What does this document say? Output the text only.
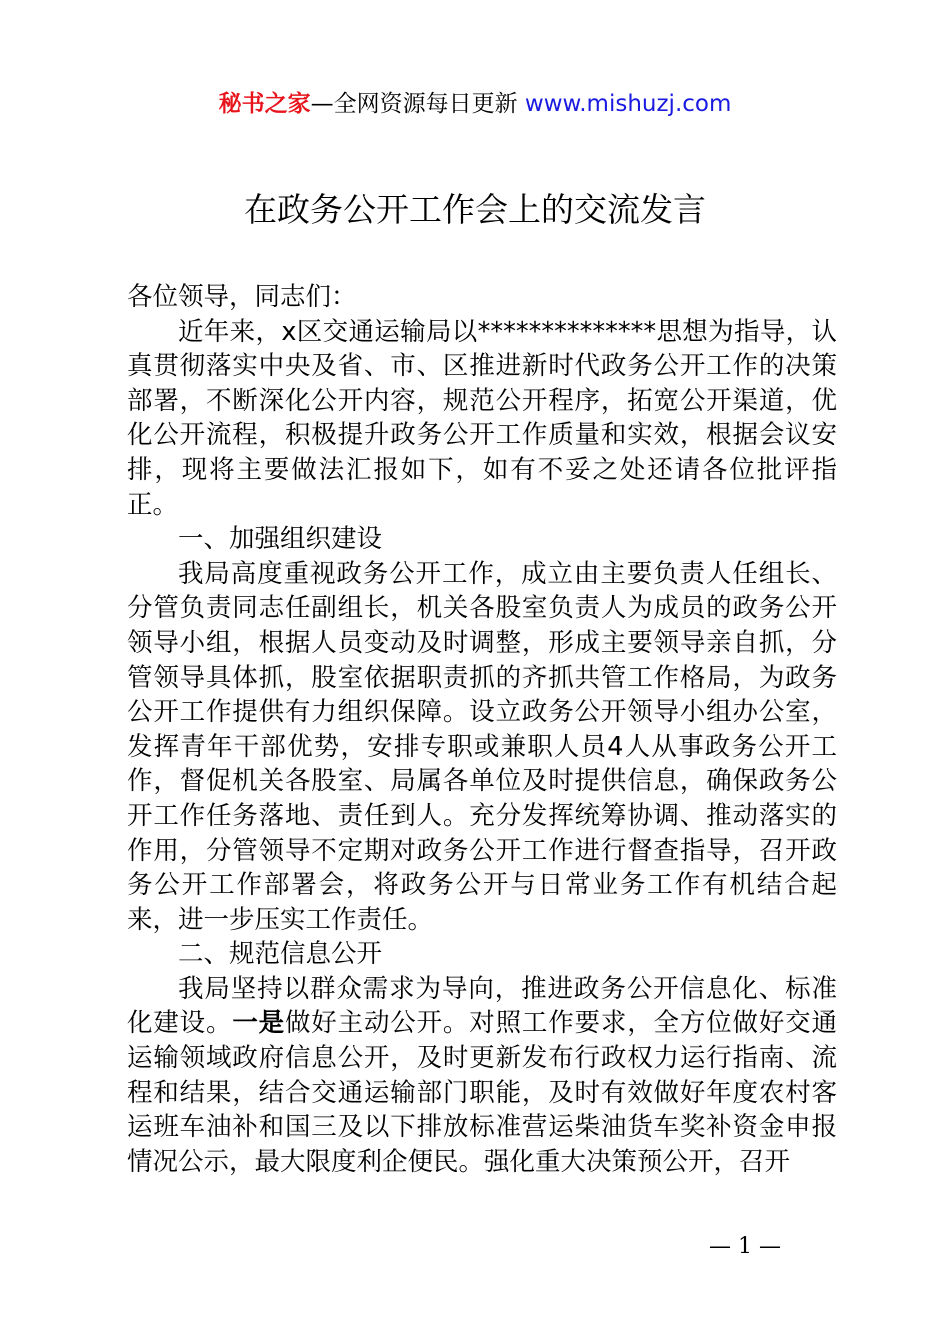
秘书之家—全网资源每日更新 www.mishuzj.com
在政务公开工作会上的交流发言

各位领导，同志们：

近年来，x区交通运输局以**************思想为指导，认真贯彻落实中央及省、市、区推进新时代政务公开工作的决策部署，不断深化公开内容，规范公开程序，拓宽公开渠道，优化公开流程，积极提升政务公开工作质量和实效，根据会议安排，现将主要做法汇报如下，如有不妥之处还请各位批评指正。

一、加强组织建设

我局高度重视政务公开工作，成立由主要负责人任组长、分管负责同志任副组长，机关各股室负责人为成员的政务公开领导小组，根据人员变动及时调整，形成主要领导亲自抓，分管领导具体抓，股室依据职责抓的齐抓共管工作格局，为政务公开工作提供有力组织保障。设立政务公开领导小组办公室，发挥青年干部优势，安排专职或兼职人员4人从事政务公开工作，督促机关各股室、局属各单位及时提供信息，确保政务公开工作任务落地、责任到人。充分发挥统筹协调、推动落实的作用，分管领导不定期对政务公开工作进行督查指导，召开政务公开工作部署会，将政务公开与日常业务工作有机结合起来，进一步压实工作责任。

二、规范信息公开

我局坚持以群众需求为导向，推进政务公开信息化、标准化建设。一是做好主动公开。对照工作要求，全方位做好交通运输领域政府信息公开，及时更新发布行政权力运行指南、流程和结果，结合交通运输部门职能，及时有效做好年度农村客运班车油补和国三及以下排放标准营运柴油货车奖补资金申报情况公示，最大限度利企便民。强化重大决策预公开，召开

— 1 —
